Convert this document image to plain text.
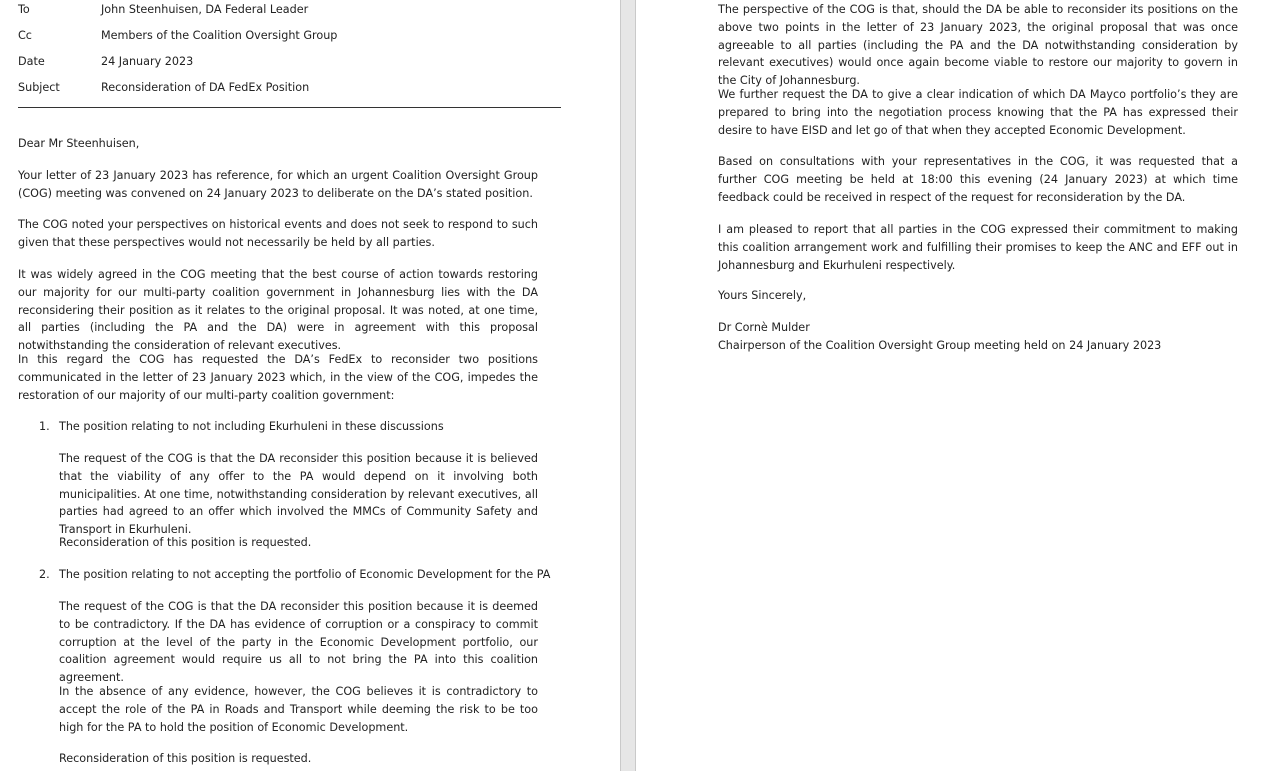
To	John Steenhuisen, DA Federal Leader
Cc	Members of the Coalition Oversight Group
Date	24 January 2023
Subject	Reconsideration of DA FedEx Position

Dear Mr Steenhuisen,

Your letter of 23 January 2023 has reference, for which an urgent Coalition Oversight Group (COG) meeting was convened on 24 January 2023 to deliberate on the DA’s stated position.

The COG noted your perspectives on historical events and does not seek to respond to such given that these perspectives would not necessarily be held by all parties.

It was widely agreed in the COG meeting that the best course of action towards restoring our majority for our multi-party coalition government in Johannesburg lies with the DA reconsidering their position as it relates to the original proposal. It was noted, at one time, all parties (including the PA and the DA) were in agreement with this proposal notwithstanding the consideration of relevant executives.

In this regard the COG has requested the DA’s FedEx to reconsider two positions communicated in the letter of 23 January 2023 which, in the view of the COG, impedes the restoration of our majority of our multi-party coalition government:

1. The position relating to not including Ekurhuleni in these discussions

The request of the COG is that the DA reconsider this position because it is believed that the viability of any offer to the PA would depend on it involving both municipalities. At one time, notwithstanding consideration by relevant executives, all parties had agreed to an offer which involved the MMCs of Community Safety and Transport in Ekurhuleni.

Reconsideration of this position is requested.

2. The position relating to not accepting the portfolio of Economic Development for the PA

The request of the COG is that the DA reconsider this position because it is deemed to be contradictory. If the DA has evidence of corruption or a conspiracy to commit corruption at the level of the party in the Economic Development portfolio, our coalition agreement would require us all to not bring the PA into this coalition agreement.

In the absence of any evidence, however, the COG believes it is contradictory to accept the role of the PA in Roads and Transport while deeming the risk to be too high for the PA to hold the position of Economic Development.

Reconsideration of this position is requested.

The perspective of the COG is that, should the DA be able to reconsider its positions on the above two points in the letter of 23 January 2023, the original proposal that was once agreeable to all parties (including the PA and the DA notwithstanding consideration by relevant executives) would once again become viable to restore our majority to govern in the City of Johannesburg.

We further request the DA to give a clear indication of which DA Mayco portfolio’s they are prepared to bring into the negotiation process knowing that the PA has expressed their desire to have EISD and let go of that when they accepted Economic Development.

Based on consultations with your representatives in the COG, it was requested that a further COG meeting be held at 18:00 this evening (24 January 2023) at which time feedback could be received in respect of the request for reconsideration by the DA.

I am pleased to report that all parties in the COG expressed their commitment to making this coalition arrangement work and fulfilling their promises to keep the ANC and EFF out in Johannesburg and Ekurhuleni respectively.

Yours Sincerely,

Dr Cornè Mulder

Chairperson of the Coalition Oversight Group meeting held on 24 January 2023
